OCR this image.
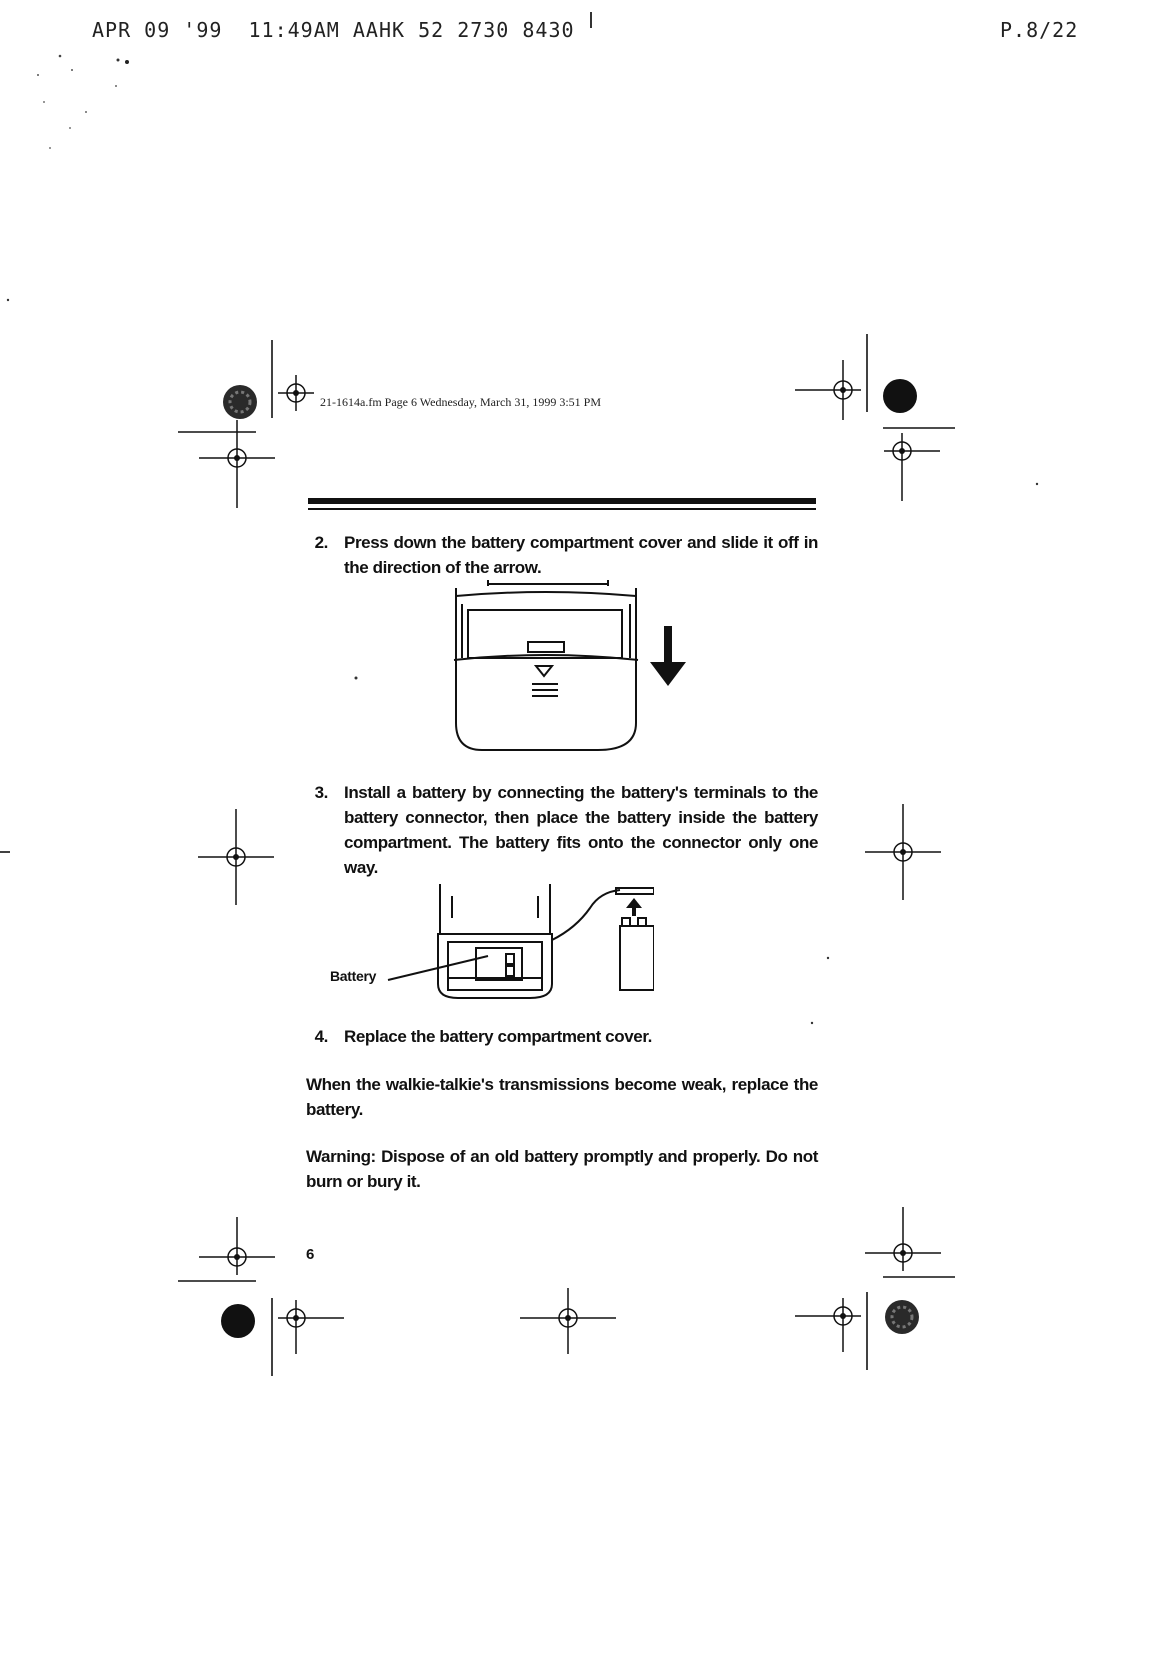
APR 09 '99 11:49AM AAHK 52 2730 8430	P.8/22
21-1614a.fm Page 6 Wednesday, March 31, 1999 3:51 PM
2. Press down the battery compartment cover and slide it off in the direction of the arrow.
3. Install a battery by connecting the battery's terminals to the battery connector, then place the battery inside the battery compartment. The battery fits onto the connector only one way.
Battery
4. Replace the battery compartment cover.
When the walkie-talkie's transmissions become weak, replace the battery.
Warning: Dispose of an old battery promptly and properly. Do not burn or bury it.
6
